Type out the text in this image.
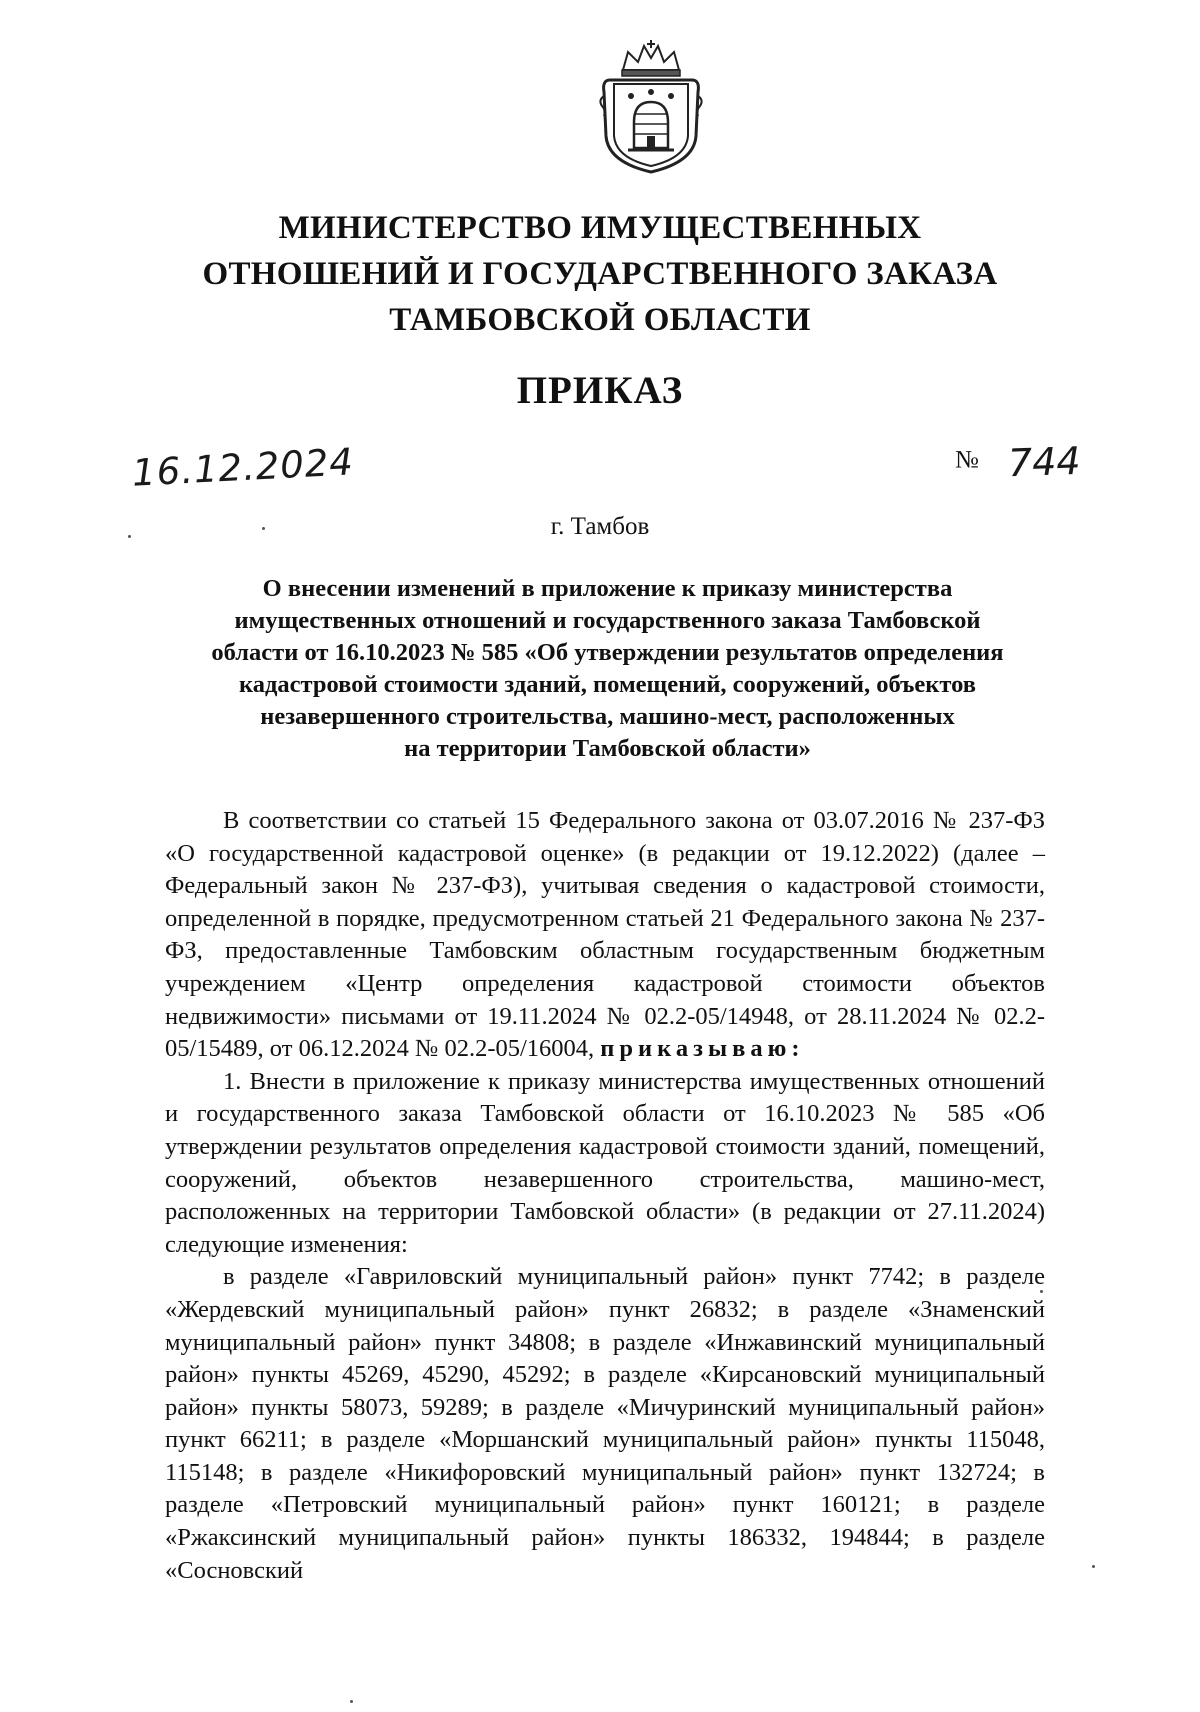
МИНИСТЕРСТВО ИМУЩЕСТВЕННЫХ
ОТНОШЕНИЙ И ГОСУДАРСТВЕННОГО ЗАКАЗА
ТАМБОВСКОЙ ОБЛАСТИ
ПРИКАЗ
16.12.2024	№ 744
г. Тамбов
О внесении изменений в приложение к приказу министерства
имущественных отношений и государственного заказа Тамбовской
области от 16.10.2023 № 585 «Об утверждении результатов определения
кадастровой стоимости зданий, помещений, сооружений, объектов
незавершенного строительства, машино-мест, расположенных
на территории Тамбовской области»

В соответствии со статьей 15 Федерального закона от 03.07.2016 № 237-ФЗ «О государственной кадастровой оценке» (в редакции от 19.12.2022) (далее – Федеральный закон № 237-ФЗ), учитывая сведения о кадастровой стоимости, определенной в порядке, предусмотренном статьей 21 Федерального закона № 237-ФЗ, предоставленные Тамбовским областным государственным бюджетным учреждением «Центр определения кадастровой стоимости объектов недвижимости» письмами от 19.11.2024 № 02.2-05/14948, от 28.11.2024 № 02.2-05/15489, от 06.12.2024 № 02.2-05/16004, приказываю:

1. Внести в приложение к приказу министерства имущественных отношений и государственного заказа Тамбовской области от 16.10.2023 № 585 «Об утверждении результатов определения кадастровой стоимости зданий, помещений, сооружений, объектов незавершенного строительства, машино-мест, расположенных на территории Тамбовской области» (в редакции от 27.11.2024) следующие изменения:

в разделе «Гавриловский муниципальный район» пункт 7742; в разделе «Жердевский муниципальный район» пункт 26832; в разделе «Знаменский муниципальный район» пункт 34808; в разделе «Инжавинский муниципальный район» пункты 45269, 45290, 45292; в разделе «Кирсановский муниципальный район» пункты 58073, 59289; в разделе «Мичуринский муниципальный район» пункт 66211; в разделе «Моршанский муниципальный район» пункты 115048, 115148; в разделе «Никифоровский муниципальный район» пункт 132724; в разделе «Петровский муниципальный район» пункт 160121; в разделе «Ржаксинский муниципальный район» пункты 186332, 194844; в разделе «Сосновский
